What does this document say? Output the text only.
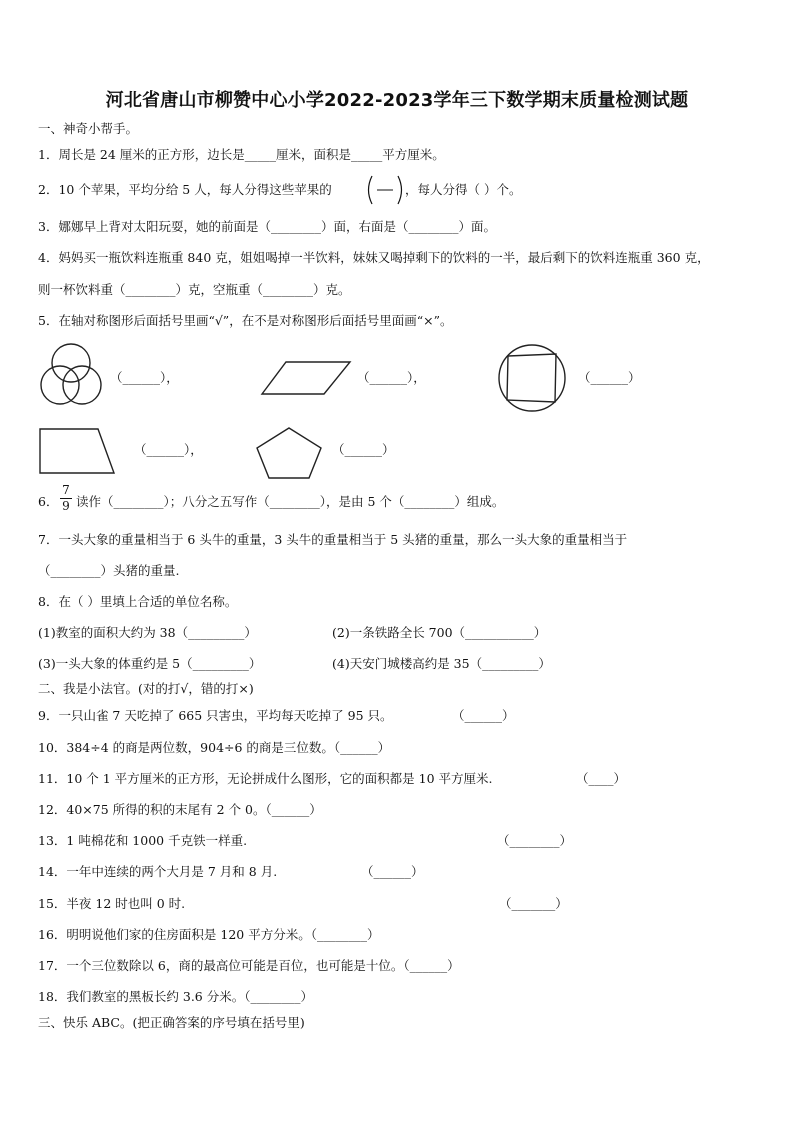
河北省唐山市柳赞中心小学2022-2023学年三下数学期末质量检测试题
一、神奇小帮手。
1．周长是 24 厘米的正方形，边长是_____厘米，面积是_____平方厘米。
2．10 个苹果，平均分给 5 人，每人分得这些苹果的	，每人分得（ ）个。
3．娜娜早上背对太阳玩耍，她的前面是（________）面，右面是（________）面。
4．妈妈买一瓶饮料连瓶重 840 克，姐姐喝掉一半饮料，妹妹又喝掉剩下的饮料的一半，最后剩下的饮料连瓶重 360 克，
则一杯饮料重（________）克，空瓶重（________）克。
5．在轴对称图形后面括号里画“√”，在不是对称图形后面括号里面画“×”。
（______），	（______），	（______）
（______），	（______）
6．
7
9 读作（________）；八分之五写作（________），是由 5 个（________）组成。
7．一头大象的重量相当于 6 头牛的重量，3 头牛的重量相当于 5 头猪的重量，那么一头大象的重量相当于
（________）头猪的重量.
8．在（ ）里填上合适的单位名称。
(1)教室的面积大约为 38（_________）	(2)一条铁路全长 700（___________）
(3)一头大象的体重约是 5（_________）	(4)天安门城楼高约是 35（_________）
二、我是小法官。(对的打√，错的打×)
9．一只山雀 7 天吃掉了 665 只害虫，平均每天吃掉了 95 只。	（______）
10．384÷4 的商是两位数，904÷6 的商是三位数。（______）
11．10 个 1 平方厘米的正方形，无论拼成什么图形，它的面积都是 10 平方厘米.	（____）
12．40×75 所得的积的末尾有 2 个 0。（______）
13．1 吨棉花和 1000 千克铁一样重.	（________）
14．一年中连续的两个大月是 7 月和 8 月.	（______）
15．半夜 12 时也叫 0 时.	（_______）
16．明明说他们家的住房面积是 120 平方分米。（________）
17．一个三位数除以 6，商的最高位可能是百位，也可能是十位。（______）
18．我们教室的黑板长约 3.6 分米。（________）
三、快乐 ABC。(把正确答案的序号填在括号里)
